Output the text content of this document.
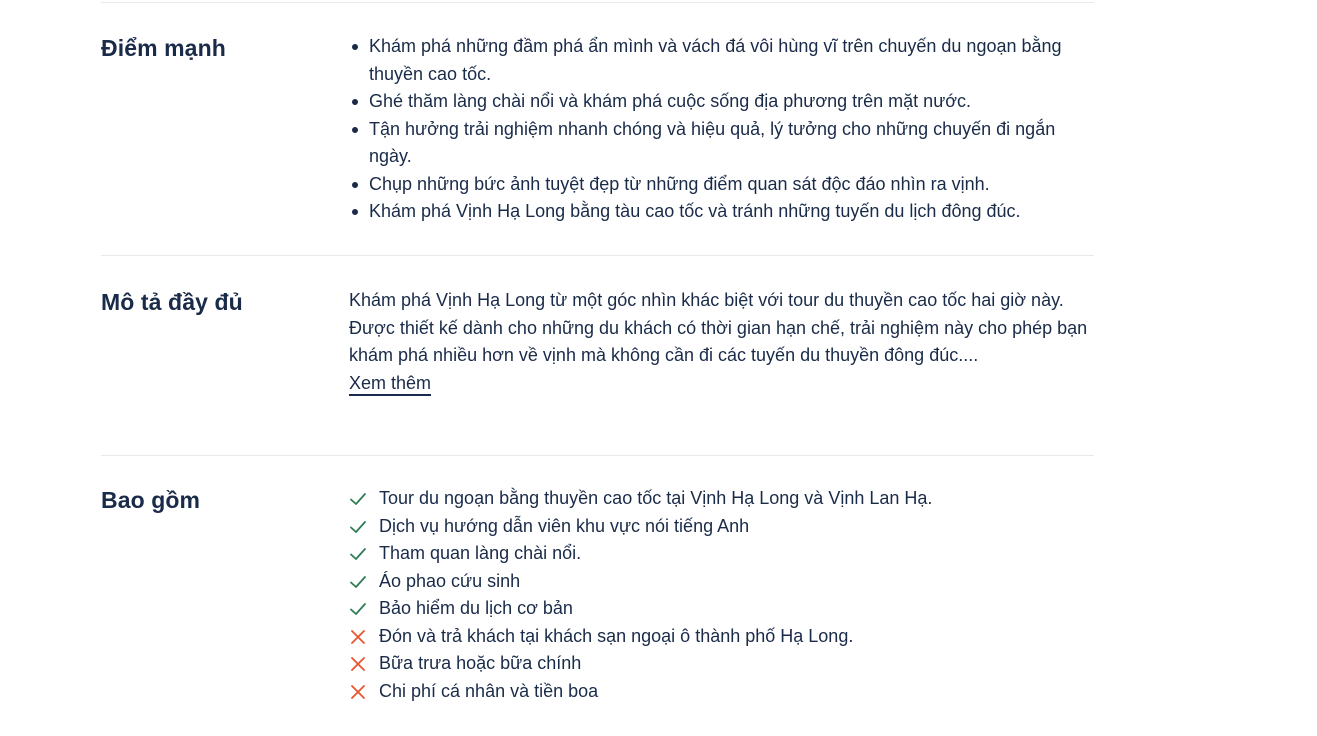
Điểm mạnh	Khám phá những đầm phá ẩn mình và vách đá vôi hùng vĩ trên chuyến du ngoạn bằng thuyền cao tốc.
Ghé thăm làng chài nổi và khám phá cuộc sống địa phương trên mặt nước.
Tận hưởng trải nghiệm nhanh chóng và hiệu quả, lý tưởng cho những chuyến đi ngắn ngày.
Chụp những bức ảnh tuyệt đẹp từ những điểm quan sát độc đáo nhìn ra vịnh.
Khám phá Vịnh Hạ Long bằng tàu cao tốc và tránh những tuyến du lịch đông đúc.
Mô tả đầy đủ	Khám phá Vịnh Hạ Long từ một góc nhìn khác biệt với tour du thuyền cao tốc hai giờ này. Được thiết kế dành cho những du khách có thời gian hạn chế, trải nghiệm này cho phép bạn khám phá nhiều hơn về vịnh mà không cần đi các tuyến du thuyền đông đúc....

Xem thêm
Bao gồm	Tour du ngoạn bằng thuyền cao tốc tại Vịnh Hạ Long và Vịnh Lan Hạ.
Dịch vụ hướng dẫn viên khu vực nói tiếng Anh
Tham quan làng chài nổi.
Áo phao cứu sinh
Bảo hiểm du lịch cơ bản
Đón và trả khách tại khách sạn ngoại ô thành phố Hạ Long.
Bữa trưa hoặc bữa chính
Chi phí cá nhân và tiền boa
